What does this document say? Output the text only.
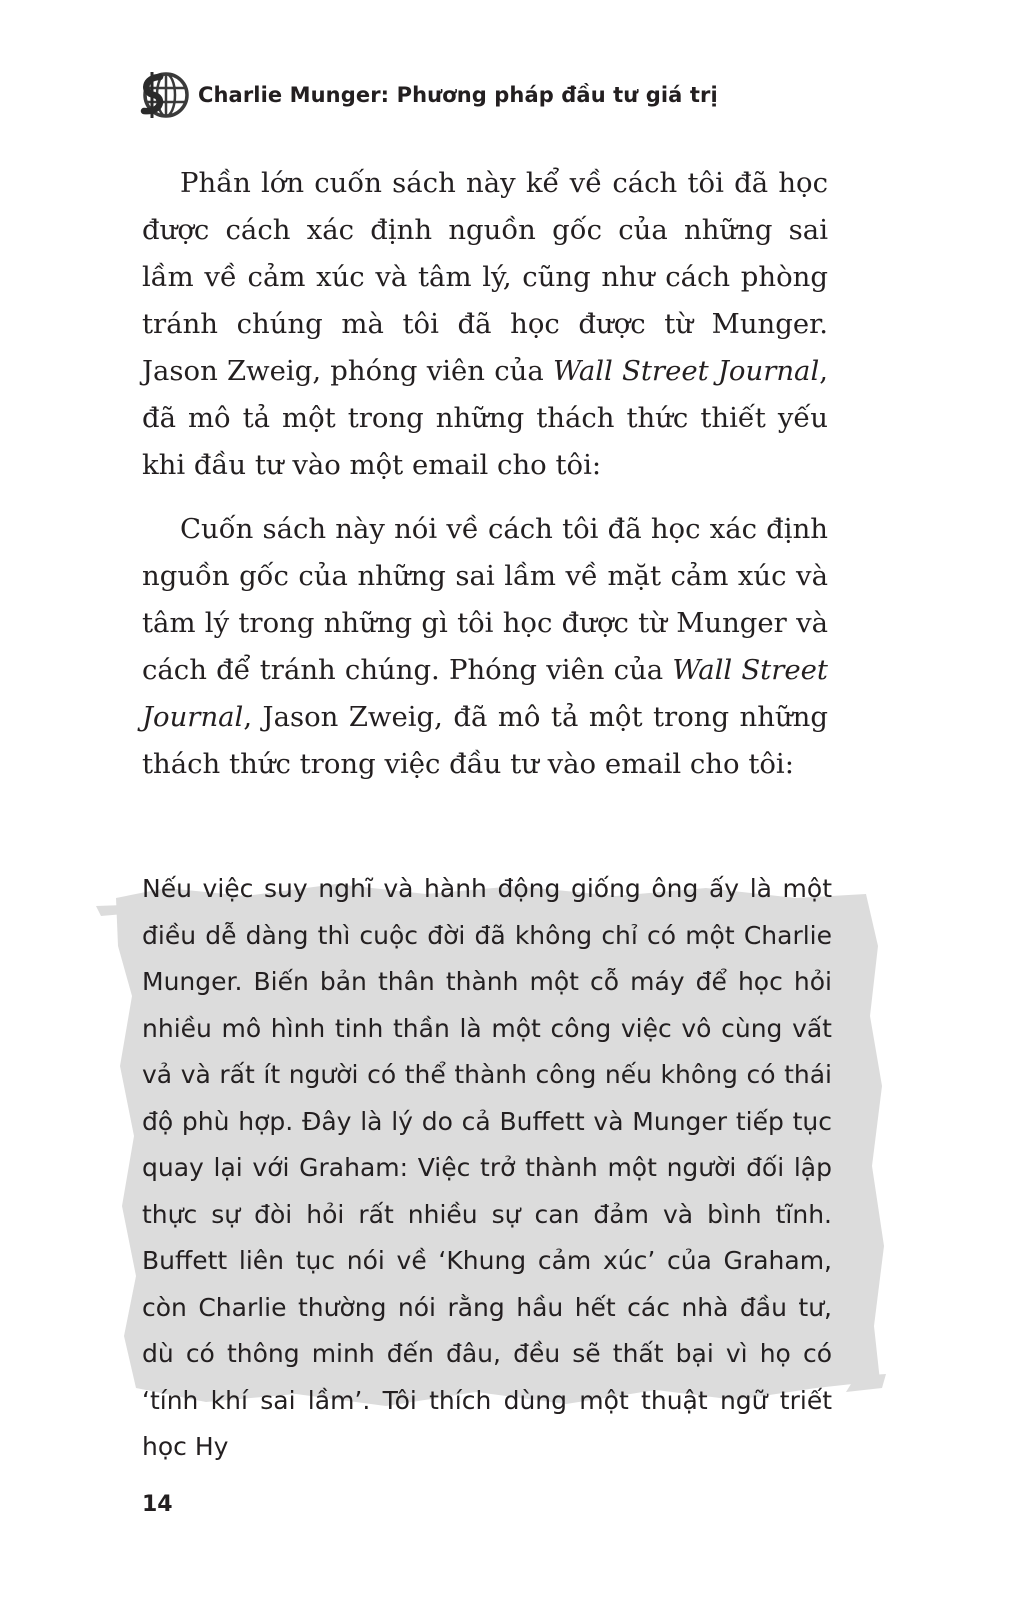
Charlie Munger: Phương pháp đầu tư giá trị

Phần lớn cuốn sách này kể về cách tôi đã học được cách xác định nguồn gốc của những sai lầm về cảm xúc và tâm lý, cũng như cách phòng tránh chúng mà tôi đã học được từ Munger. Jason Zweig, phóng viên của Wall Street Journal, đã mô tả một trong những thách thức thiết yếu khi đầu tư vào một email cho tôi:

Cuốn sách này nói về cách tôi đã học xác định nguồn gốc của những sai lầm về mặt cảm xúc và tâm lý trong những gì tôi học được từ Munger và cách để tránh chúng. Phóng viên của Wall Street Journal, Jason Zweig, đã mô tả một trong những thách thức trong việc đầu tư vào email cho tôi:

Nếu việc suy nghĩ và hành động giống ông ấy là một điều dễ dàng thì cuộc đời đã không chỉ có một Charlie Munger. Biến bản thân thành một cỗ máy để học hỏi nhiều mô hình tinh thần là một công việc vô cùng vất vả và rất ít người có thể thành công nếu không có thái độ phù hợp. Đây là lý do cả Buffett và Munger tiếp tục quay lại với Graham: Việc trở thành một người đối lập thực sự đòi hỏi rất nhiều sự can đảm và bình tĩnh. Buffett liên tục nói về ‘Khung cảm xúc’ của Graham, còn Charlie thường nói rằng hầu hết các nhà đầu tư, dù có thông minh đến đâu, đều sẽ thất bại vì họ có ‘tính khí sai lầm’. Tôi thích dùng một thuật ngữ triết học Hy

14
